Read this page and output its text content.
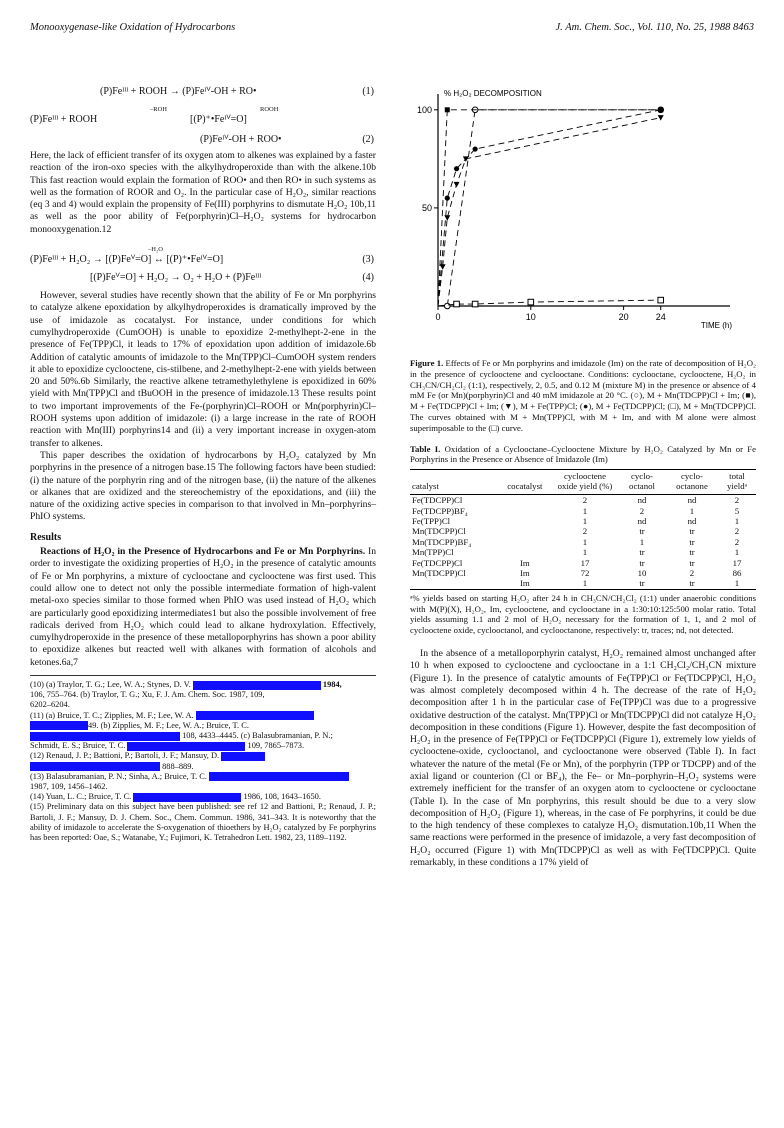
Monooxygenase-like Oxidation of Hydrocarbons	J. Am. Chem. Soc., Vol. 110, No. 25, 1988 8463
(P)Feᴵᴵᴵ + ROOH → (P)Feᴵⱽ-OH + RO•	(1)
(P)Feᴵᴵᴵ + ROOH
–ROH	ROOH
[(P)⁺•Feᴵⱽ=O]
(P)Feᴵⱽ-OH + ROO•	(2)

Here, the lack of efficient transfer of its oxygen atom to alkenes was explained by a faster reaction of the iron-oxo species with the alkylhydroperoxide than with the alkene.10b This fast reaction would explain the formation of ROO• and then RO• in such systems as well as the formation of ROOR and O₂. In the particular case of H₂O₂, similar reactions (eq 3 and 4) would explain the propensity of Fe(III) porphyrins to dismutate H₂O₂ 10b,11 as well as the poor ability of Fe(porphyrin)Cl–H₂O₂ systems for hydrocarbon monooxygenation.12

–H₂O
(P)Feᴵᴵᴵ + H₂O₂ → [(P)Feⱽ=O] ↔ [(P)⁺•Feᴵⱽ=O]	(3)
[(P)Feⱽ=O] + H₂O₂ → O₂ + H₂O + (P)Feᴵᴵᴵ	(4)

However, several studies have recently shown that the ability of Fe or Mn porphyrins to catalyze alkene epoxidation by alkylhydroperoxides is dramatically improved by the use of imidazole as cocatalyst. For instance, under conditions for which cumylhydroperoxide (CumOOH) is unable to epoxidize 2-methylhept-2-ene in the presence of Fe(TPP)Cl, it leads to 17% of epoxidation upon addition of imidazole.6b Addition of catalytic amounts of imidazole to the Mn(TPP)Cl–CumOOH system renders it able to epoxidize cyclooctene, cis-stilbene, and 2-methylhept-2-ene with yields between 20 and 50%.6b Similarly, the reactive alkene tetramethylethylene is epoxidized in 60% yield with Mn(TPP)Cl and tBuOOH in the presence of imidazole.13 These results point to two important improvements of the Fe-(porphyrin)Cl–ROOH or Mn(porphyrin)Cl–ROOH systems upon addition of imidazole: (i) a large increase in the rate of ROOH reaction with Mn(III) porphyrins14 and (ii) a very important increase in oxygen-atom transfer to alkenes.

This paper describes the oxidation of hydrocarbons by H₂O₂ catalyzed by Mn porphyrins in the presence of a nitrogen base.15 The following factors have been studied: (i) the nature of the porphyrin ring and of the nitrogen base, (ii) the nature of the alkenes or alkanes that are oxidized and the stereochemistry of the epoxidations, and (iii) the nature of the oxidizing active species in comparison to that involved in Mn–porphyrins–PhIO systems.

Results

Reactions of H₂O₂ in the Presence of Hydrocarbons and Fe or Mn Porphyrins. In order to investigate the oxidizing properties of H₂O₂ in the presence of catalytic amounts of Fe or Mn porphyrins, a mixture of cyclooctane and cyclooctene was first used. This could allow one to detect not only the possible intermediate formation of high-valent metal-oxo species similar to those formed when PhIO was used instead of H₂O₂ which are particularly good epoxidizing intermediates1 but also the possible involvement of free radicals derived from H₂O₂ which could lead to alkane hydroxylation. Effectively, cumylhydroperoxide in the presence of these metalloporphyrins has shown a poor ability to epoxidize alkenes but reacted well with alkanes with formation of alcohols and ketones.6a,7

(10) (a) Traylor, T. G.; Lee, W. A.; Stynes, D. V.	1984,
106, 755–764. (b) Traylor, T. G.; Xu, F. J. Am. Chem. Soc. 1987, 109,
6202–6204.
(11) (a) Bruice, T. C.; Zipplies, M. F.; Lee, W. A.
49. (b) Zipplies, M. F.; Lee, W. A.; Bruice, T. C.
108, 4433–4445. (c) Balasubramanian, P. N.;
Schmidt, E. S.; Bruice, T. C.	109, 7865–7873.
(12) Renaud, J. P.; Battioni, P.; Bartoli, J. F.; Mansuy, D.
888–889.
(13) Balasubramanian, P. N.; Sinha, A.; Bruice, T. C.
1987, 109, 1456–1462.
(14) Yuan, L. C.; Bruice, T. C.	1986, 108, 1643–1650.
(15) Preliminary data on this subject have been published: see ref 12 and Battioni, P.; Renaud, J. P.; Bartoli, J. F.; Mansuy, D. J. Chem. Soc., Chem. Commun. 1986, 341–343. It is noteworthy that the ability of imidazole to accelerate the S-oxygenation of thioethers by H₂O₂ catalyzed by Fe porphyrins has been reported: Oae, S.; Watanabe, Y.; Fujimori, K. Tetrahedron Lett. 1982, 23, 1189–1192.
% H₂O₂ DECOMPOSITION
50
100
0	10	20	24
TIME (h)
Figure 1. Effects of Fe or Mn porphyrins and imidazole (Im) on the rate of decomposition of H₂O₂ in the presence of cyclooctene and cyclooctane. Conditions: cyclooctane, cyclooctene, H₂O₂ in CH₃CN/CH₂Cl₂ (1:1), respectively, 2, 0.5, and 0.12 M (mixture M) in the presence or absence of 4 mM Fe (or Mn)(porphyrin)Cl and 40 mM imidazole at 20 °C. (○), M + Mn(TDCPP)Cl + Im; (■), M + Fe(TDCPP)Cl + Im; (▼), M + Fe(TPP)Cl; (●), M + Fe(TDCPP)Cl; (□), M + Mn(TDCPP)Cl. The curves obtained with M + Mn(TPP)Cl, with M + Im, and with M alone were almost superimposable to the (□) curve.
Table I. Oxidation of a Cyclooctane–Cyclooctene Mixture by H₂O₂ Catalyzed by Mn or Fe Porphyrins in the Presence or Absence of Imidazole (Im)
catalyst	cocatalyst	cyclooctene oxide yield (%)	cyclo-octanol	cyclo-octanone	total yieldᵃ

Fe(TDCPP)Cl		2	nd	nd	2
Fe(TDCPP)BF₄		1	2	1	5
Fe(TPP)Cl		1	nd	nd	1
Mn(TDCPP)Cl		2	tr	tr	2
Mn(TDCPP)BF₄		1	1	tr	2
Mn(TPP)Cl		1	tr	tr	1
Fe(TDCPP)Cl	Im	17	tr	tr	17
Mn(TDCPP)Cl	Im	72	10	2	86
	Im	1	tr	tr	1
ᵃ% yields based on starting H₂O₂ after 24 h in CH₃CN/CH₂Cl₂ (1:1) under anaerobic conditions with M(P)(X), H₂O₂, Im, cyclooctene, and cyclooctane in a 1:30:10:125:500 molar ratio. Total yields assuming 1.1 and 2 mol of H₂O₂ necessary for the formation of 1, 1, and 2 mol of cyclooctene oxide, cyclooctanol, and cyclooctanone, respectively: tr, traces; nd, not detected.

In the absence of a metalloporphyrin catalyst, H₂O₂ remained almost unchanged after 10 h when exposed to cyclooctene and cyclooctane in a 1:1 CH₂Cl₂/CH₃CN mixture (Figure 1). In the presence of catalytic amounts of Fe(TPP)Cl or Fe(TDCPP)Cl, H₂O₂ was almost completely decomposed within 4 h. The decrease of the rate of H₂O₂ decomposition after 1 h in the particular case of Fe(TPP)Cl was due to a progressive oxidative destruction of the catalyst. Mn(TPP)Cl or Mn(TDCPP)Cl did not catalyze H₂O₂ decomposition in these conditions (Figure 1). However, despite the fast decomposition of H₂O₂ in the presence of Fe(TPP)Cl or Fe(TDCPP)Cl (Figure 1), extremely low yields of cyclooctene-oxide, cyclooctanol, and cyclooctanone were observed (Table I). In fact whatever the nature of the metal (Fe or Mn), of the porphyrin (TPP or TDCPP) and of the axial ligand or counterion (Cl or BF₄), the Fe– or Mn–porphyrin–H₂O₂ systems were extremely inefficient for the transfer of an oxygen atom to cyclooctene or cyclooctane (Table I). In the case of Mn porphyrins, this result should be due to a very slow decomposition of H₂O₂ (Figure 1), whereas, in the case of Fe porphyrins, it could be due to the high tendency of these complexes to catalyze H₂O₂ dismutation.10b,11 When the same reactions were performed in the presence of imidazole, a very fast decomposition of H₂O₂ occurred (Figure 1) with Mn(TDCPP)Cl as well as with Fe(TDCPP)Cl. Quite remarkably, in these conditions a 17% yield of
